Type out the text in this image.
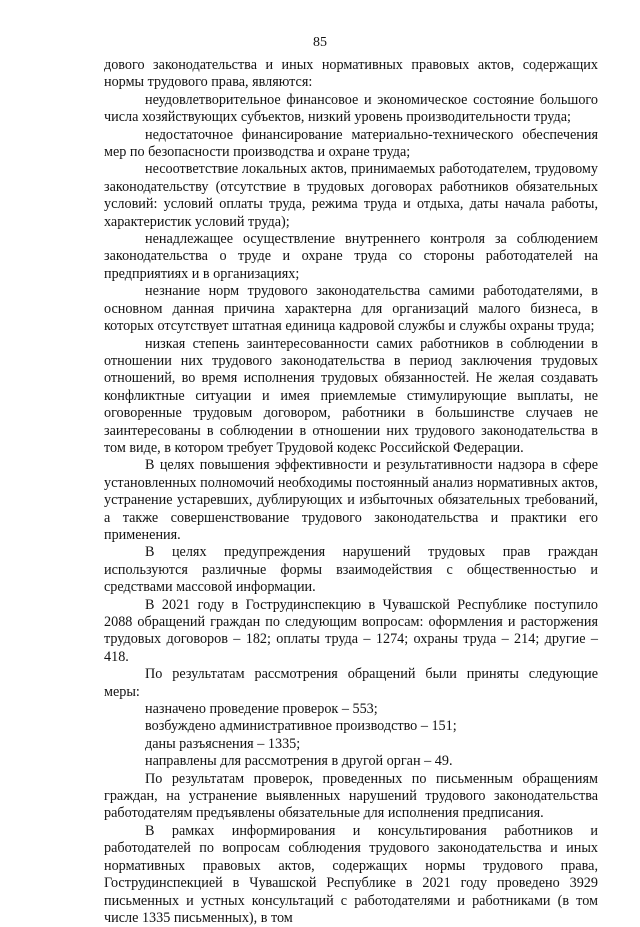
85

дового законодательства и иных нормативных правовых актов, содержащих нормы трудового права, являются:

неудовлетворительное финансовое и экономическое состояние большого числа хозяйствующих субъектов, низкий уровень производительности труда;

недостаточное финансирование материально-технического обеспечения мер по безопасности производства и охране труда;

несоответствие локальных актов, принимаемых работодателем, трудовому законодательству (отсутствие в трудовых договорах работников обязательных условий: условий оплаты труда, режима труда и отдыха, даты начала работы, характеристик условий труда);

ненадлежащее осуществление внутреннего контроля за соблюдением законодательства о труде и охране труда со стороны работодателей на предприятиях и в организациях;

незнание норм трудового законодательства самими работодателями, в основном данная причина характерна для организаций малого бизнеса, в которых отсутствует штатная единица кадровой службы и службы охраны труда;

низкая степень заинтересованности самих работников в соблюдении в отношении них трудового законодательства в период заключения трудовых отношений, во время исполнения трудовых обязанностей. Не желая создавать конфликтные ситуации и имея приемлемые стимулирующие выплаты, не оговоренные трудовым договором, работники в большинстве случаев не заинтересованы в соблюдении в отношении них трудового законодательства в том виде, в котором требует Трудовой кодекс Российской Федерации.

В целях повышения эффективности и результативности надзора в сфере установленных полномочий необходимы постоянный анализ нормативных актов, устранение устаревших, дублирующих и избыточных обязательных требований, а также совершенствование трудового законодательства и практики его применения.

В целях предупреждения нарушений трудовых прав граждан используются различные формы взаимодействия с общественностью и средствами массовой информации.

В 2021 году в Гострудинспекцию в Чувашской Республике поступило 2088 обращений граждан по следующим вопросам: оформления и расторжения трудовых договоров – 182; оплаты труда – 1274; охраны труда – 214; другие – 418.

По результатам рассмотрения обращений были приняты следующие меры:

назначено проведение проверок – 553;

возбуждено административное производство – 151;

даны разъяснения – 1335;

направлены для рассмотрения в другой орган – 49.

По результатам проверок, проведенных по письменным обращениям граждан, на устранение выявленных нарушений трудового законодательства работодателям предъявлены обязательные для исполнения предписания.

В рамках информирования и консультирования работников и работодателей по вопросам соблюдения трудового законодательства и иных нормативных правовых актов, содержащих нормы трудового права, Гострудинспекцией в Чувашской Республике в 2021 году проведено 3929 письменных и устных консультаций с работодателями и работниками (в том числе 1335 письменных), в том
